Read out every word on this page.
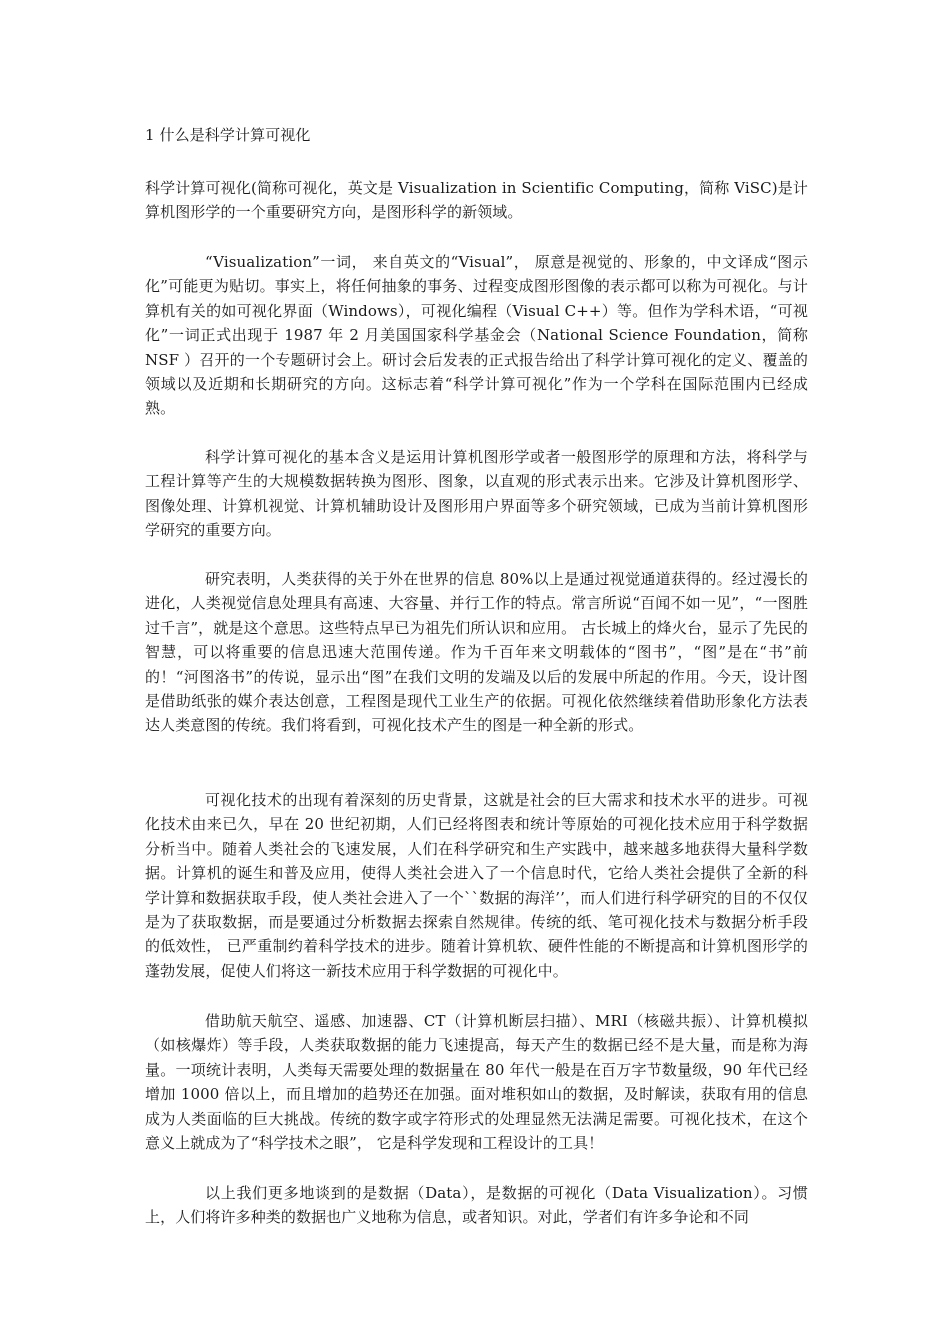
1 什么是科学计算可视化

科学计算可视化(简称可视化，英文是 Visualization in Scientific Computing，简称 ViSC)是计算机图形学的一个重要研究方向，是图形科学的新领域。

“Visualization”一词， 来自英文的“Visual”， 原意是视觉的、形象的，中文译成“图示化”可能更为贴切。事实上，将任何抽象的事务、过程变成图形图像的表示都可以称为可视化。与计算机有关的如可视化界面（Windows），可视化编程（Visual C++）等。但作为学科术语，“可视化”一词正式出现于 1987 年 2 月美国国家科学基金会（National Science Foundation，简称 NSF ）召开的一个专题研讨会上。研讨会后发表的正式报告给出了科学计算可视化的定义、覆盖的领域以及近期和长期研究的方向。这标志着“科学计算可视化”作为一个学科在国际范围内已经成熟。

科学计算可视化的基本含义是运用计算机图形学或者一般图形学的原理和方法，将科学与工程计算等产生的大规模数据转换为图形、图象，以直观的形式表示出来。它涉及计算机图形学、图像处理、计算机视觉、计算机辅助设计及图形用户界面等多个研究领域，已成为当前计算机图形学研究的重要方向。

研究表明，人类获得的关于外在世界的信息 80%以上是通过视觉通道获得的。经过漫长的进化，人类视觉信息处理具有高速、大容量、并行工作的特点。常言所说“百闻不如一见”，“一图胜过千言”，就是这个意思。这些特点早已为祖先们所认识和应用。 古长城上的烽火台，显示了先民的智慧，可以将重要的信息迅速大范围传递。作为千百年来文明载体的“图书”，“图”是在“书”前的！“河图洛书”的传说，显示出“图”在我们文明的发端及以后的发展中所起的作用。今天，设计图是借助纸张的媒介表达创意，工程图是现代工业生产的依据。可视化依然继续着借助形象化方法表达人类意图的传统。我们将看到，可视化技术产生的图是一种全新的形式。

可视化技术的出现有着深刻的历史背景，这就是社会的巨大需求和技术水平的进步。可视化技术由来已久，早在 20 世纪初期，人们已经将图表和统计等原始的可视化技术应用于科学数据分析当中。随着人类社会的飞速发展，人们在科学研究和生产实践中，越来越多地获得大量科学数据。计算机的诞生和普及应用，使得人类社会进入了一个信息时代，它给人类社会提供了全新的科学计算和数据获取手段，使人类社会进入了一个``数据的海洋’’，而人们进行科学研究的目的不仅仅是为了获取数据，而是要通过分析数据去探索自然规律。传统的纸、笔可视化技术与数据分析手段的低效性， 已严重制约着科学技术的进步。随着计算机软、硬件性能的不断提高和计算机图形学的蓬勃发展，促使人们将这一新技术应用于科学数据的可视化中。

借助航天航空、遥感、加速器、CT（计算机断层扫描）、MRI（核磁共振）、计算机模拟（如核爆炸）等手段，人类获取数据的能力飞速提高，每天产生的数据已经不是大量，而是称为海量。一项统计表明，人类每天需要处理的数据量在 80 年代一般是在百万字节数量级，90 年代已经增加 1000 倍以上，而且增加的趋势还在加强。面对堆积如山的数据，及时解读，获取有用的信息成为人类面临的巨大挑战。传统的数字或字符形式的处理显然无法满足需要。可视化技术，在这个意义上就成为了“科学技术之眼”， 它是科学发现和工程设计的工具！

以上我们更多地谈到的是数据（Data），是数据的可视化（Data Visualization）。习惯上，人们将许多种类的数据也广义地称为信息，或者知识。对此，学者们有许多争论和不同
